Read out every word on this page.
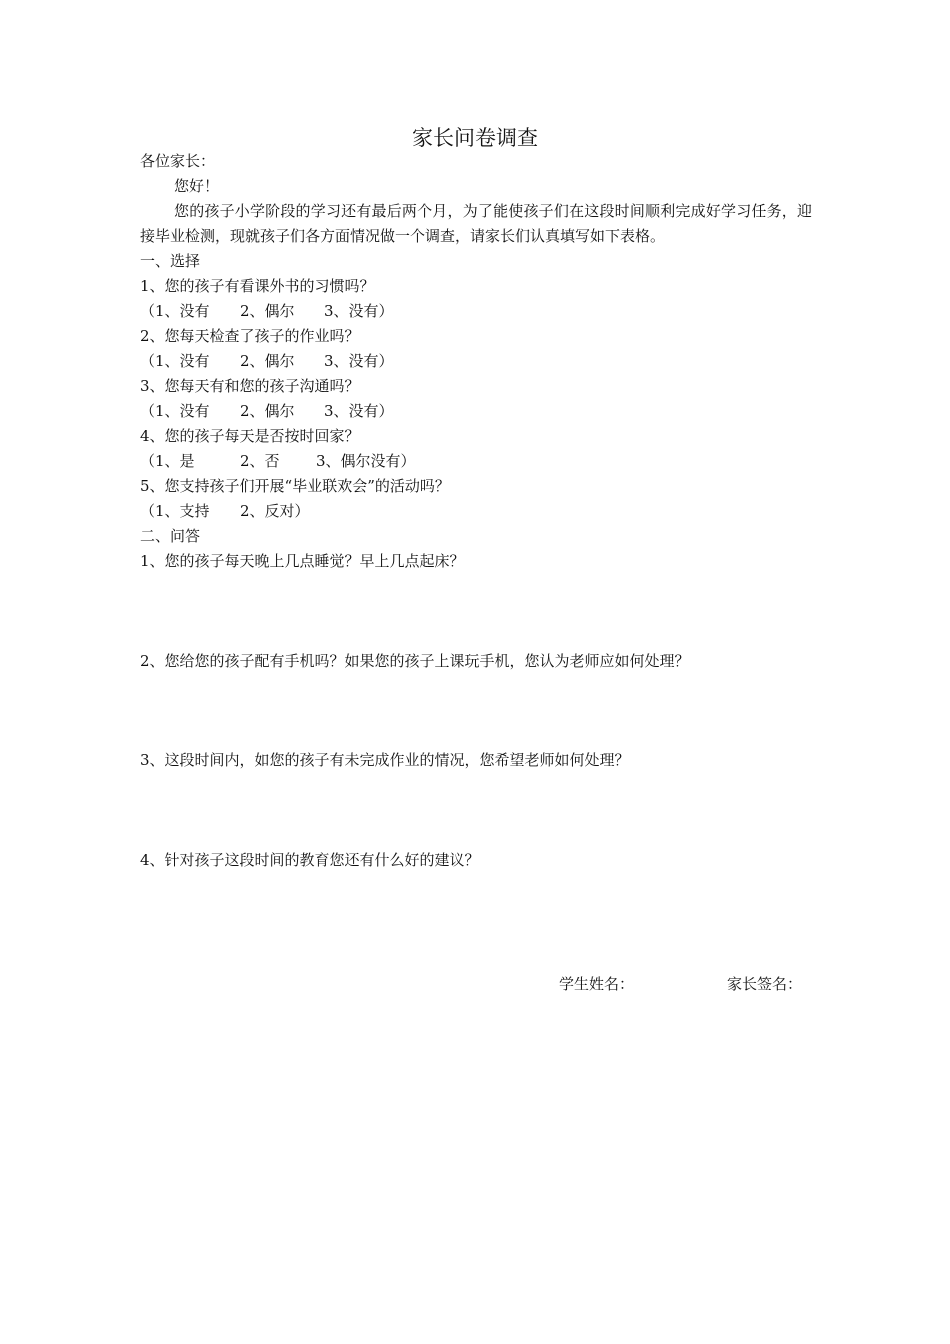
家长问卷调查
各位家长：
您好！
您的孩子小学阶段的学习还有最后两个月，为了能使孩子们在这段时间顺利完成好学习任务，迎接毕业检测，现就孩子们各方面情况做一个调查，请家长们认真填写如下表格。
一、选择
1、您的孩子有看课外书的习惯吗？
（1、没有 2、偶尔 3、没有）
2、您每天检查了孩子的作业吗？
（1、没有 2、偶尔 3、没有）
3、您每天有和您的孩子沟通吗？
（1、没有 2、偶尔 3、没有）
4、您的孩子每天是否按时回家？
（1、是	2、否 3、偶尔没有）
5、您支持孩子们开展“毕业联欢会”的活动吗？
（1、支持 2、反对）
二、问答
1、您的孩子每天晚上几点睡觉？早上几点起床？
2、您给您的孩子配有手机吗？如果您的孩子上课玩手机，您认为老师应如何处理？
3、这段时间内，如您的孩子有未完成作业的情况，您希望老师如何处理？
4、针对孩子这段时间的教育您还有什么好的建议？
学生姓名：	家长签名：
